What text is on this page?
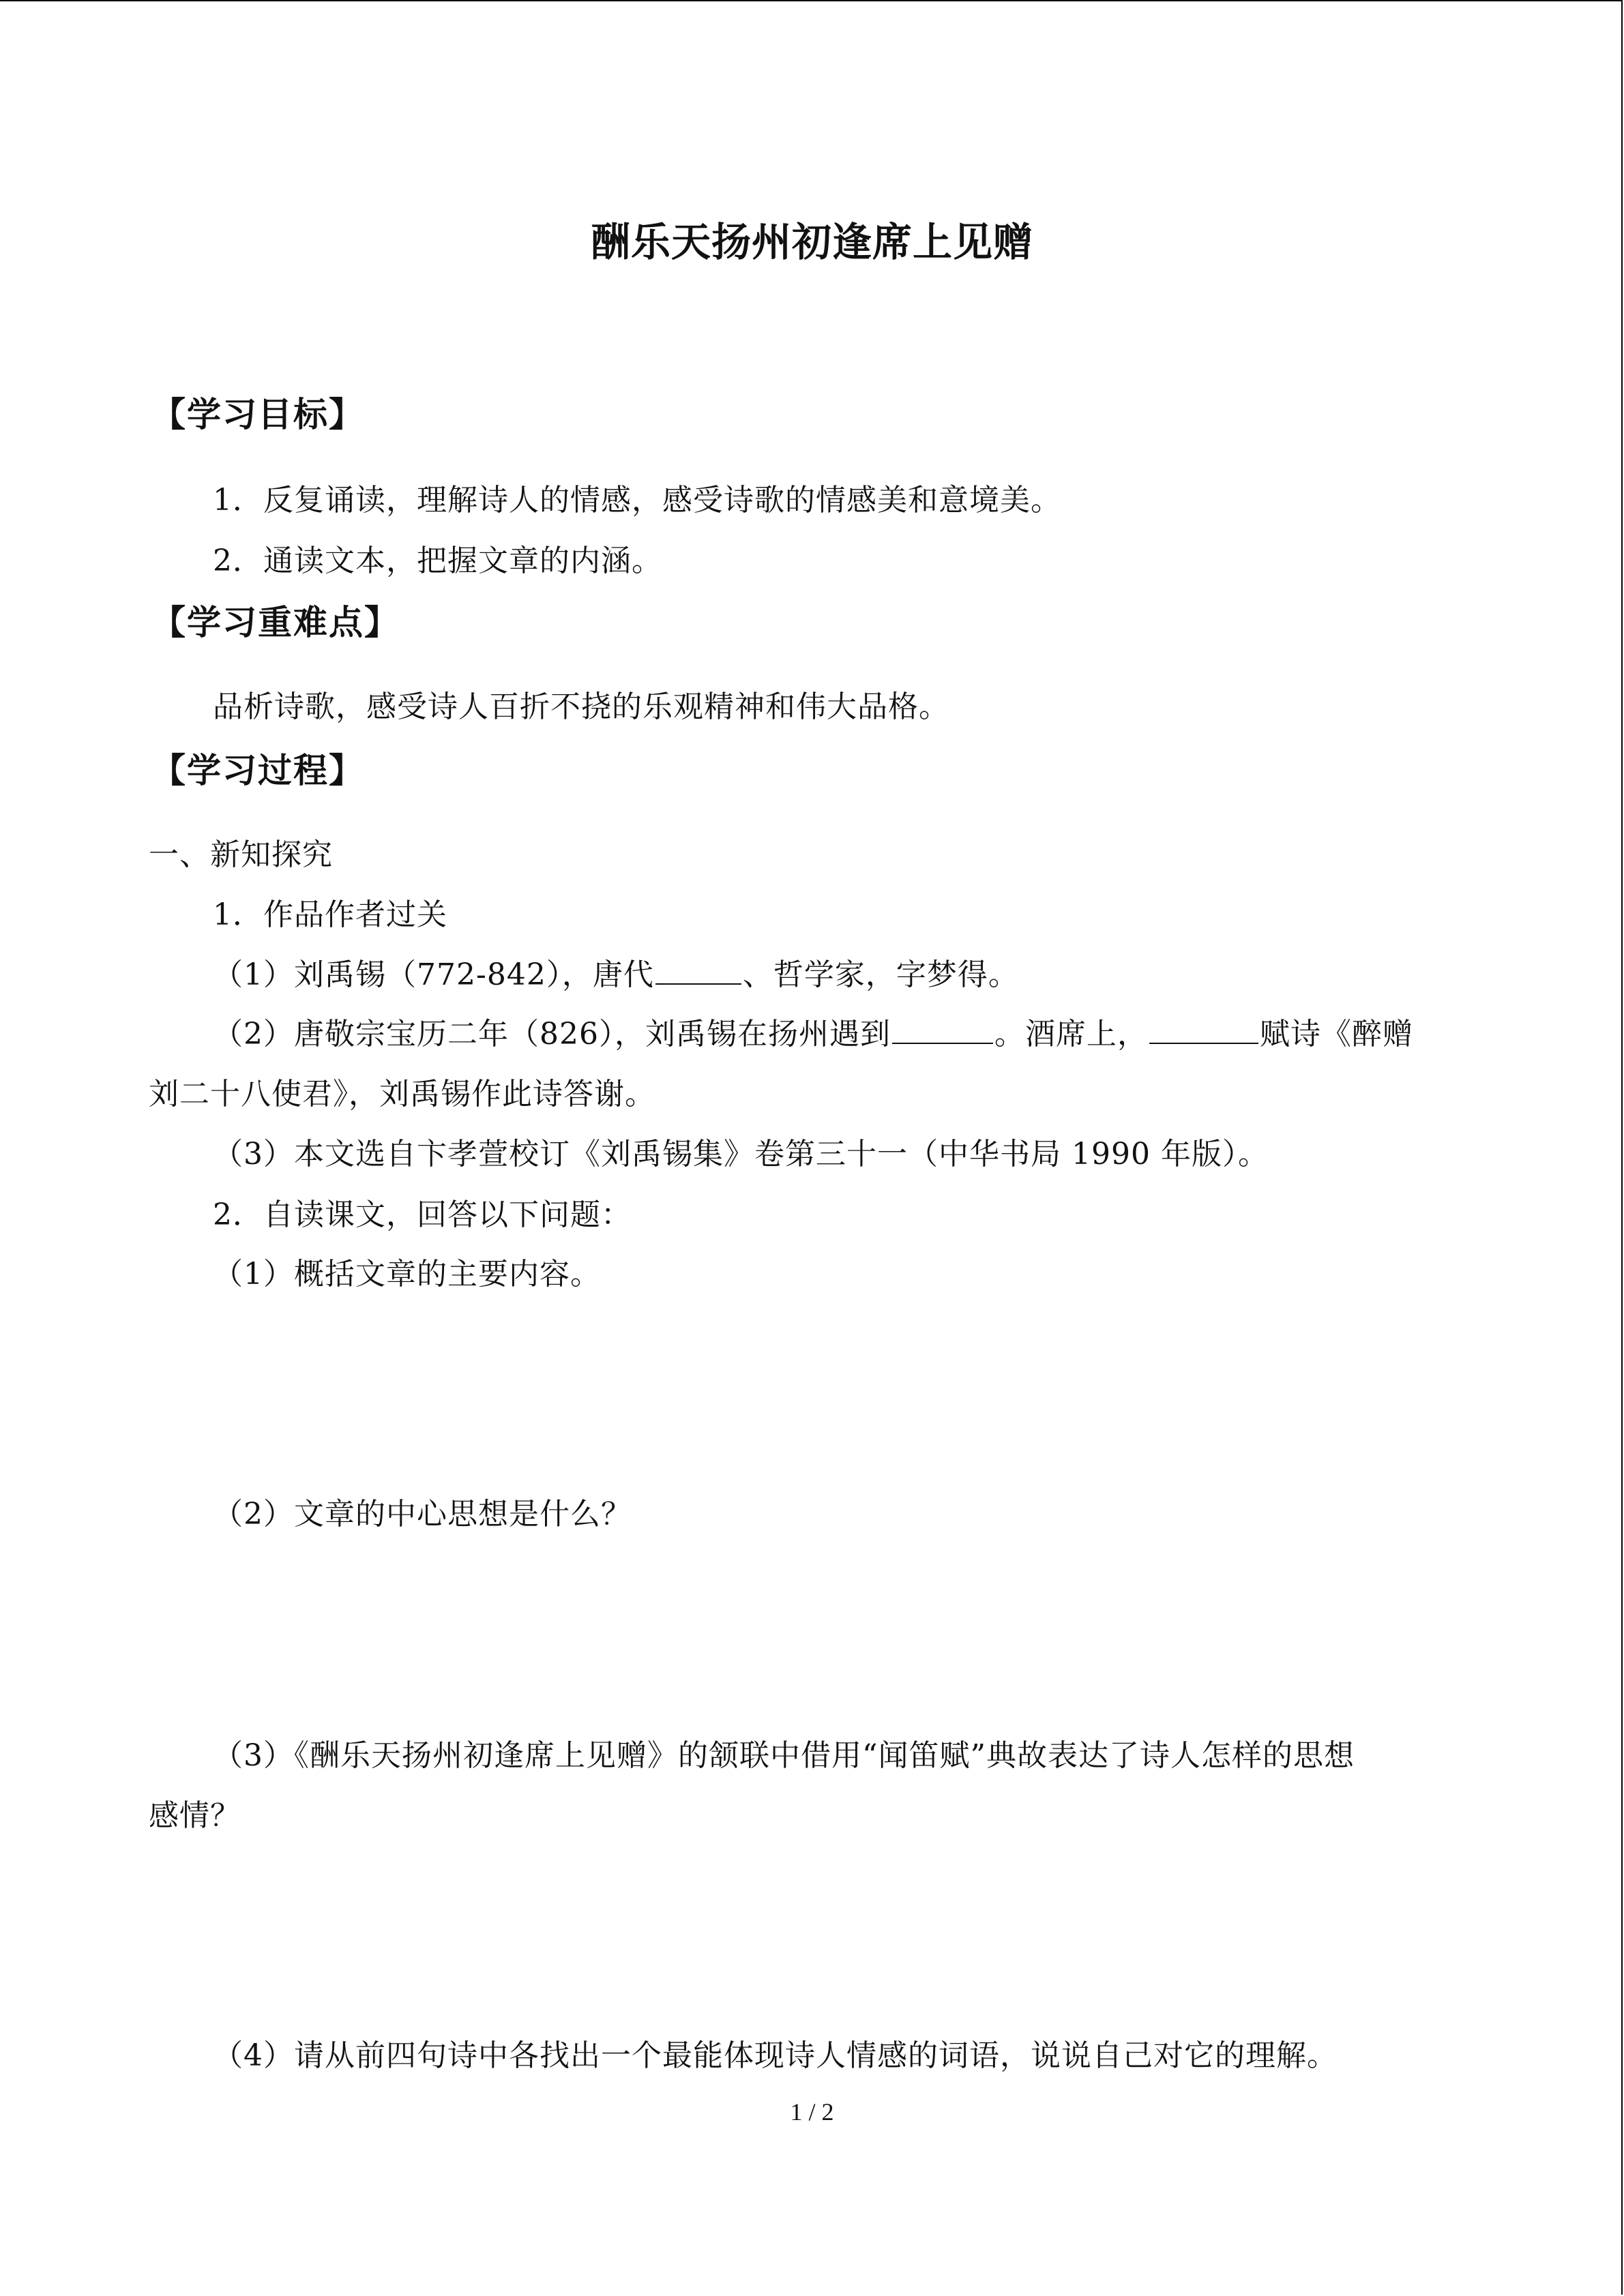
酬乐天扬州初逢席上见赠
【学习目标】
1．反复诵读，理解诗人的情感，感受诗歌的情感美和意境美。
2．通读文本，把握文章的内涵。
【学习重难点】
品析诗歌，感受诗人百折不挠的乐观精神和伟大品格。
【学习过程】
一、新知探究
1．作品作者过关
（1）刘禹锡（772-842），唐代	、哲学家，字梦得。
（2）唐敬宗宝历二年（826），刘禹锡在扬州遇到	。酒席上，	赋诗《醉赠
刘二十八使君》，刘禹锡作此诗答谢。
（3）本文选自卞孝萱校订《刘禹锡集》卷第三十一（中华书局 1990 年版）。
2．自读课文，回答以下问题：
（1）概括文章的主要内容。
（2）文章的中心思想是什么？
（3）《酬乐天扬州初逢席上见赠》的颔联中借用“闻笛赋”典故表达了诗人怎样的思想
感情？
（4）请从前四句诗中各找出一个最能体现诗人情感的词语，说说自己对它的理解。
1 / 2
